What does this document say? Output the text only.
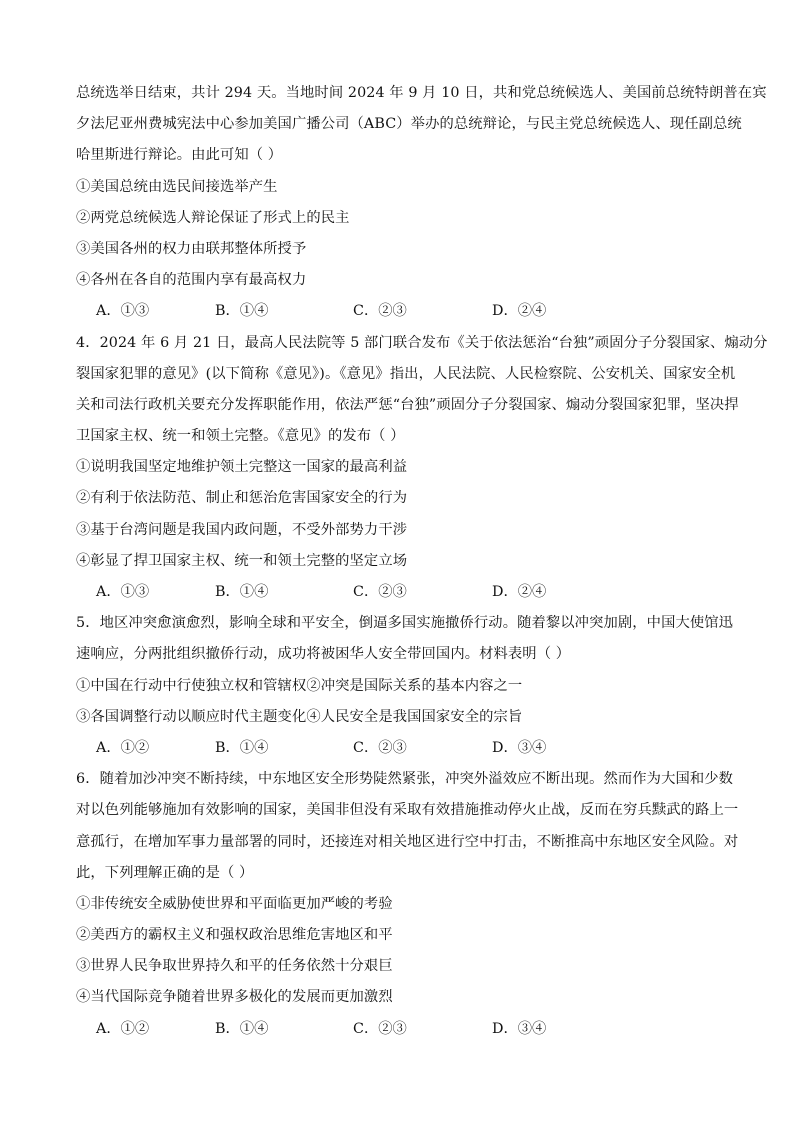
总统选举日结束，共计 294 天。当地时间 2024 年 9 月 10 日，共和党总统候选人、美国前总统特朗普在宾
夕法尼亚州费城宪法中心参加美国广播公司（ABC）举办的总统辩论，与民主党总统候选人、现任副总统
哈里斯进行辩论。由此可知（ ）
①美国总统由选民间接选举产生
②两党总统候选人辩论保证了形式上的民主
③美国各州的权力由联邦整体所授予
④各州在各自的范围内享有最高权力
A．①③	B．①④	C．②③	D．②④
4．2024 年 6 月 21 日，最高人民法院等 5 部门联合发布《关于依法惩治“台独”顽固分子分裂国家、煽动分
裂国家犯罪的意见》(以下简称《意见》)。《意见》指出，人民法院、人民检察院、公安机关、国家安全机
关和司法行政机关要充分发挥职能作用，依法严惩“台独”顽固分子分裂国家、煽动分裂国家犯罪，坚决捍
卫国家主权、统一和领土完整。《意见》的发布（ ）
①说明我国坚定地维护领土完整这一国家的最高利益
②有利于依法防范、制止和惩治危害国家安全的行为
③基于台湾问题是我国内政问题，不受外部势力干涉
④彰显了捍卫国家主权、统一和领土完整的坚定立场
A．①③	B．①④	C．②③	D．②④
5．地区冲突愈演愈烈，影响全球和平安全，倒逼多国实施撤侨行动。随着黎以冲突加剧，中国大使馆迅
速响应，分两批组织撤侨行动，成功将被困华人安全带回国内。材料表明（ ）
①中国在行动中行使独立权和管辖权②冲突是国际关系的基本内容之一
③各国调整行动以顺应时代主题变化④人民安全是我国国家安全的宗旨
A．①②	B．①④	C．②③	D．③④
6．随着加沙冲突不断持续，中东地区安全形势陡然紧张，冲突外溢效应不断出现。然而作为大国和少数
对以色列能够施加有效影响的国家，美国非但没有采取有效措施推动停火止战，反而在穷兵黩武的路上一
意孤行，在增加军事力量部署的同时，还接连对相关地区进行空中打击，不断推高中东地区安全风险。对
此，下列理解正确的是（ ）
①非传统安全威胁使世界和平面临更加严峻的考验
②美西方的霸权主义和强权政治思维危害地区和平
③世界人民争取世界持久和平的任务依然十分艰巨
④当代国际竞争随着世界多极化的发展而更加激烈
A．①②	B．①④	C．②③	D．③④
